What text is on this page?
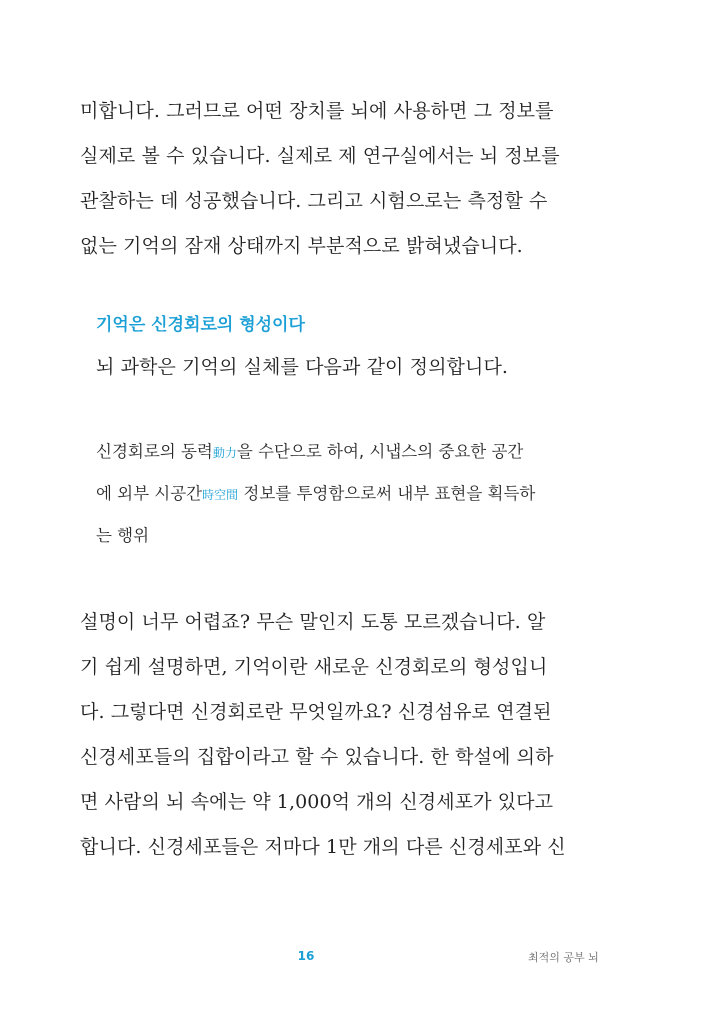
미합니다. 그러므로 어떤 장치를 뇌에 사용하면 그 정보를
실제로 볼 수 있습니다. 실제로 제 연구실에서는 뇌 정보를
관찰하는 데 성공했습니다. 그리고 시험으로는 측정할 수
없는 기억의 잠재 상태까지 부분적으로 밝혀냈습니다.
기억은 신경회로의 형성이다
뇌 과학은 기억의 실체를 다음과 같이 정의합니다.
신경회로의 동력動力을 수단으로 하여, 시냅스의 중요한 공간
에 외부 시공간時空間 정보를 투영함으로써 내부 표현을 획득하
는 행위
설명이 너무 어렵죠? 무슨 말인지 도통 모르겠습니다. 알
기 쉽게 설명하면, 기억이란 새로운 신경회로의 형성입니
다. 그렇다면 신경회로란 무엇일까요? 신경섬유로 연결된
신경세포들의 집합이라고 할 수 있습니다. 한 학설에 의하
면 사람의 뇌 속에는 약 1,000억 개의 신경세포가 있다고
합니다. 신경세포들은 저마다 1만 개의 다른 신경세포와 신
16	최적의 공부 뇌
